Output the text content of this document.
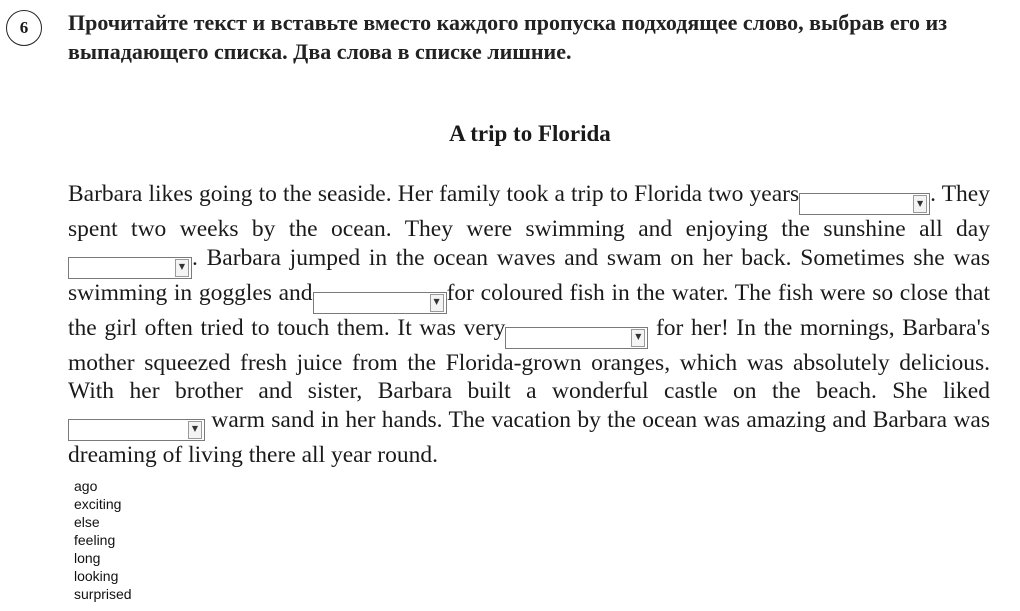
6	Прочитайте текст и вставьте вместо каждого пропуска подходящее слово, выбрав его из выпадающего списка. Два слова в списке лишние.
A trip to Florida
Barbara likes going to the seaside. Her family took a trip to Florida two years	▼ . They spent two weeks by the ocean. They were swimming and enjoying the sunshine all day
▼ . Barbara jumped in the ocean waves and swam on her back. Sometimes she was swimming in goggles and	▼ for coloured fish in the water. The fish were so close that the girl often tried to touch them. It was very	▼ for her! In the mornings, Barbara's mother squeezed fresh juice from the Florida-grown oranges, which was absolutely delicious. With her brother and sister, Barbara built a wonderful castle on the beach. She liked
▼ warm sand in her hands. The vacation by the ocean was amazing and Barbara was dreaming of living there all year round.
ago
exciting
else
feeling
long
looking
surprised
